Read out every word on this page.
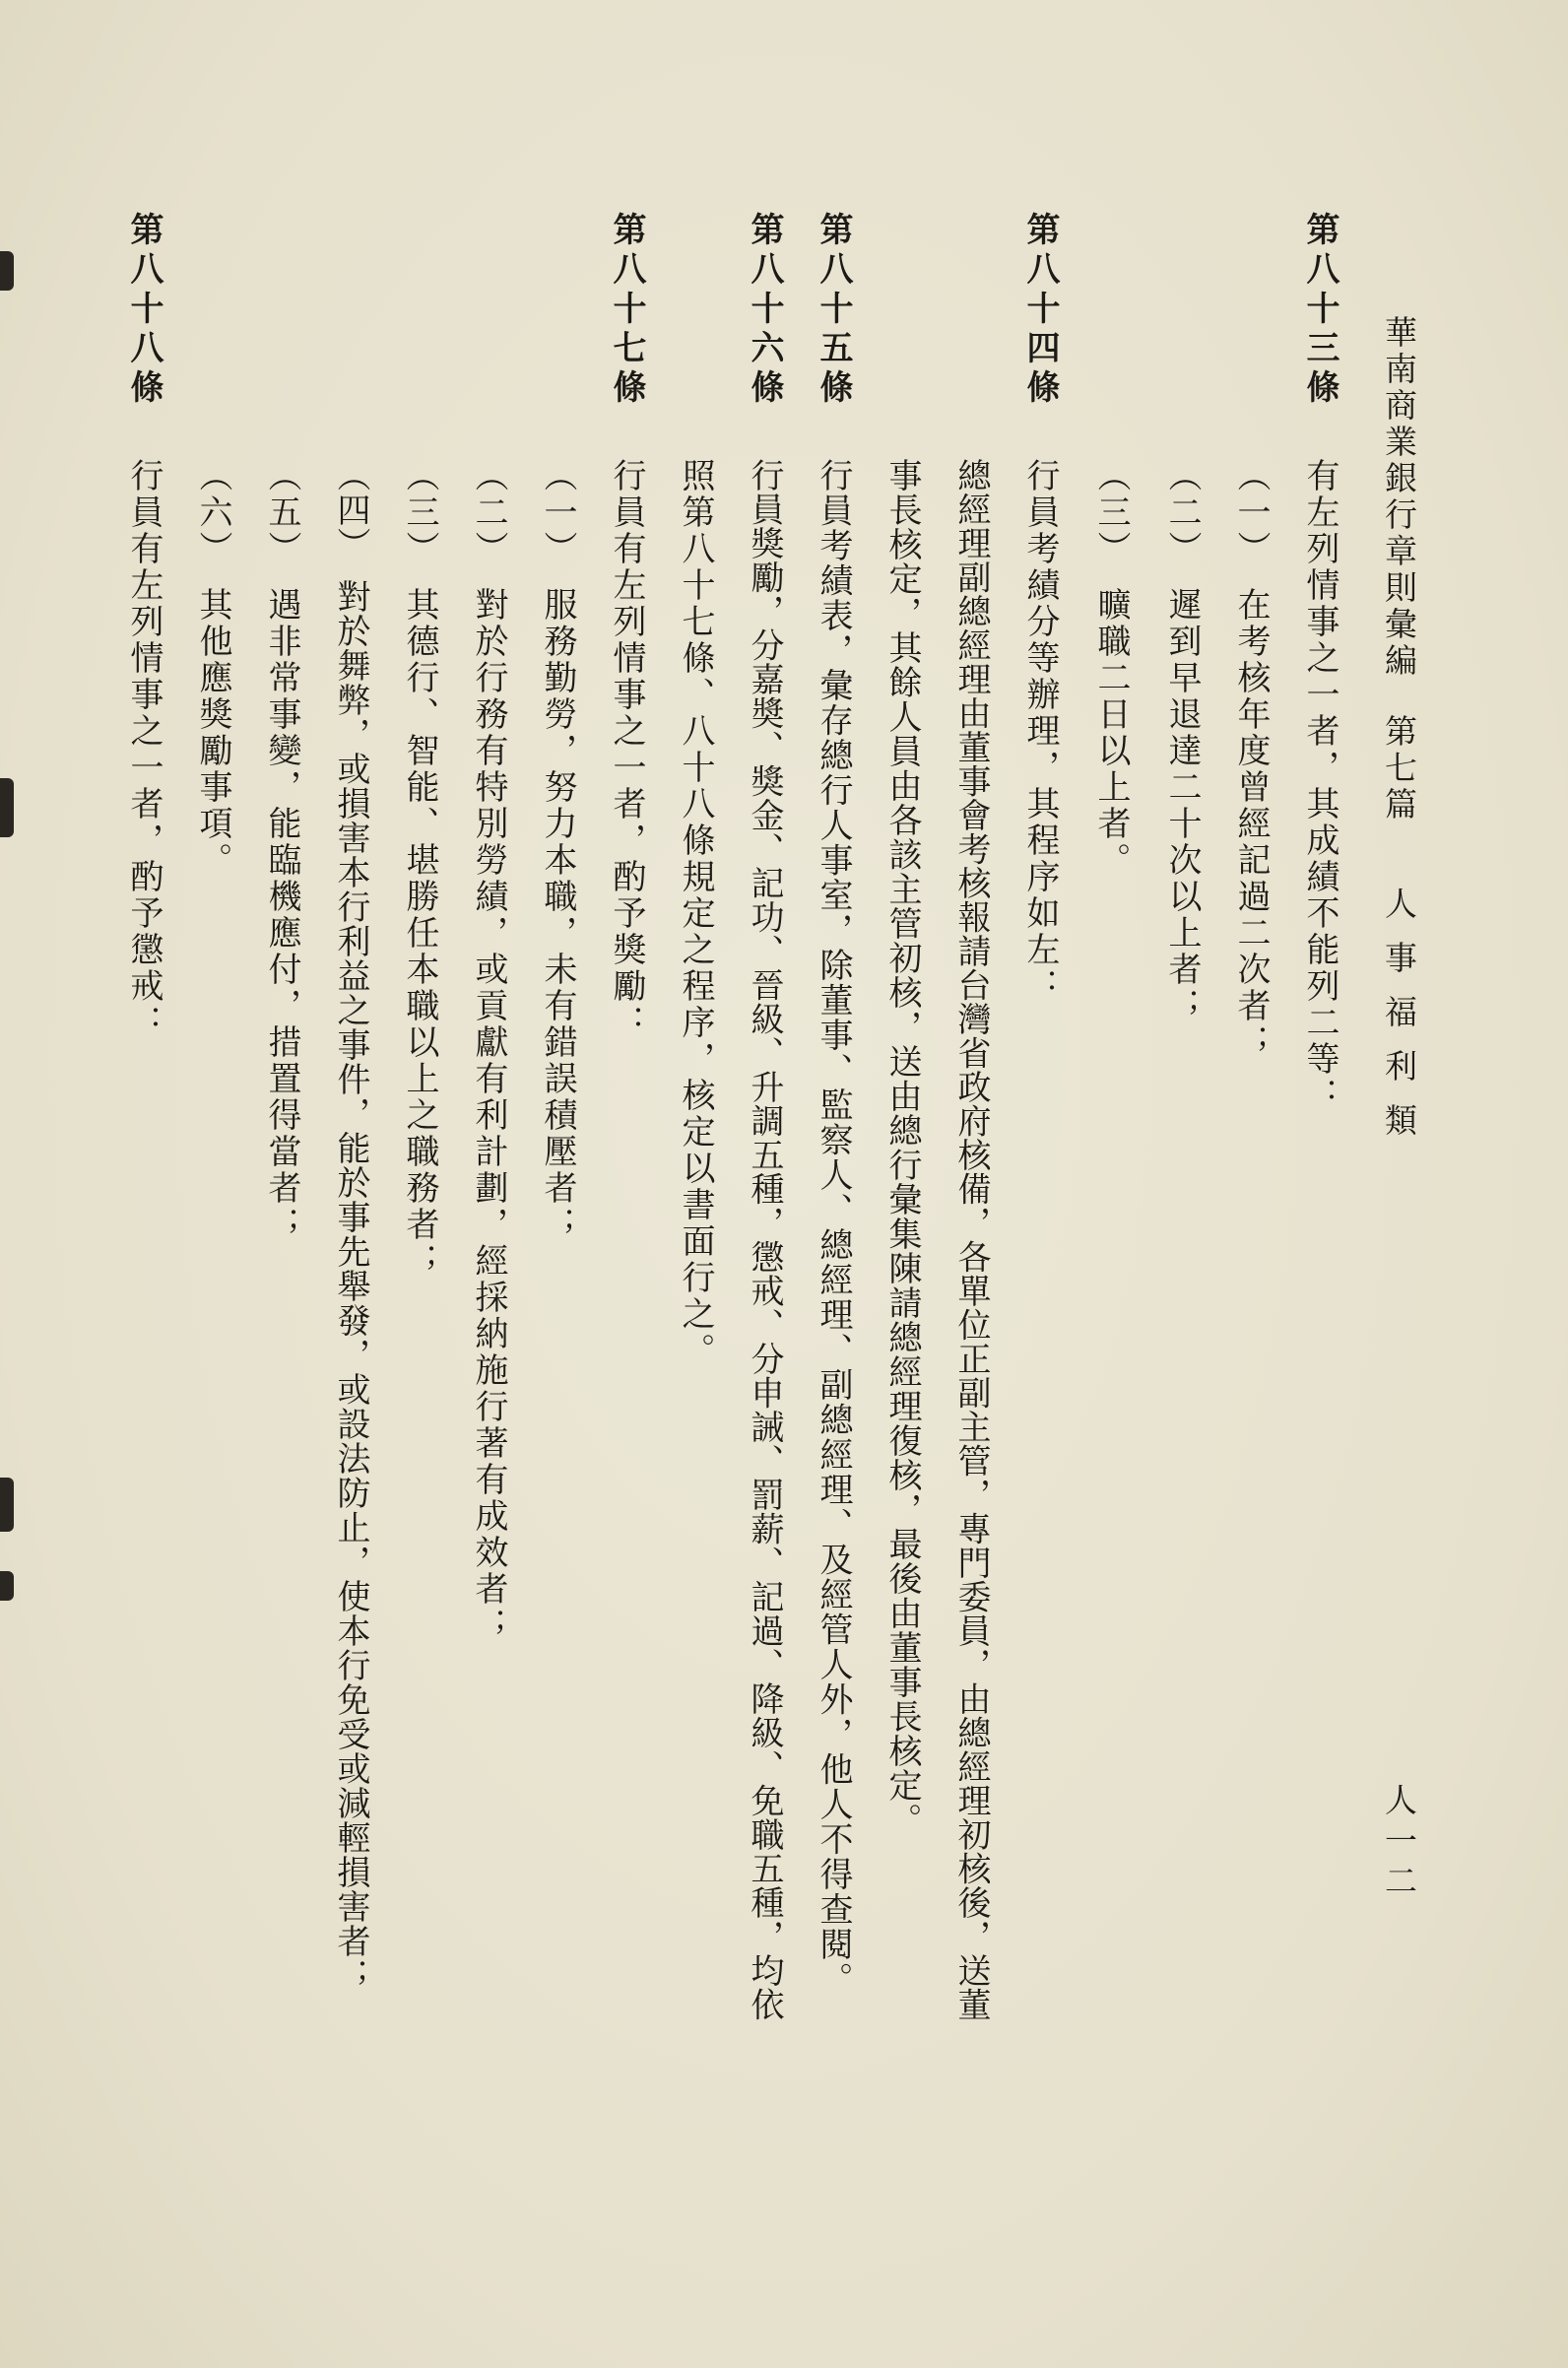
華南商業銀行章則彙編
第七篇
人事福利類
人一二
第八十三條
有左列情事之一者，其成績不能列二等：
（一）　在考核年度曾經記過二次者；
（二）　遲到早退達二十次以上者；
（三）　曠職二日以上者。
第八十四條
行員考績分等辦理，其程序如左：
總經理副總經理由董事會考核報請台灣省政府核備，各單位正副主管，專門委員，由總經理初核後，送董
事長核定，其餘人員由各該主管初核，送由總行彙集陳請總經理復核，最後由董事長核定。
第八十五條
行員考績表，彙存總行人事室，除董事、監察人、總經理、副總經理、及經管人外，他人不得查閱。
第八十六條
行員獎勵，分嘉奬、獎金、記功、晉級、升調五種，懲戒、分申誡、罰薪、記過、降級、免職五種，均依
照第八十七條、八十八條規定之程序，核定以書面行之。
第八十七條
行員有左列情事之一者，酌予獎勵：
（一）　服務勤勞，努力本職，未有錯誤積壓者；
（二）　對於行務有特別勞績，或貢獻有利計劃，經採納施行著有成效者；
（三）　其德行、智能、堪勝任本職以上之職務者；
（四）　對於舞弊，或損害本行利益之事件，能於事先舉發，或設法防止，使本行免受或減輕損害者；
（五）　遇非常事變，能臨機應付，措置得當者；
（六）　其他應獎勵事項。
第八十八條
行員有左列情事之一者，酌予懲戒：
